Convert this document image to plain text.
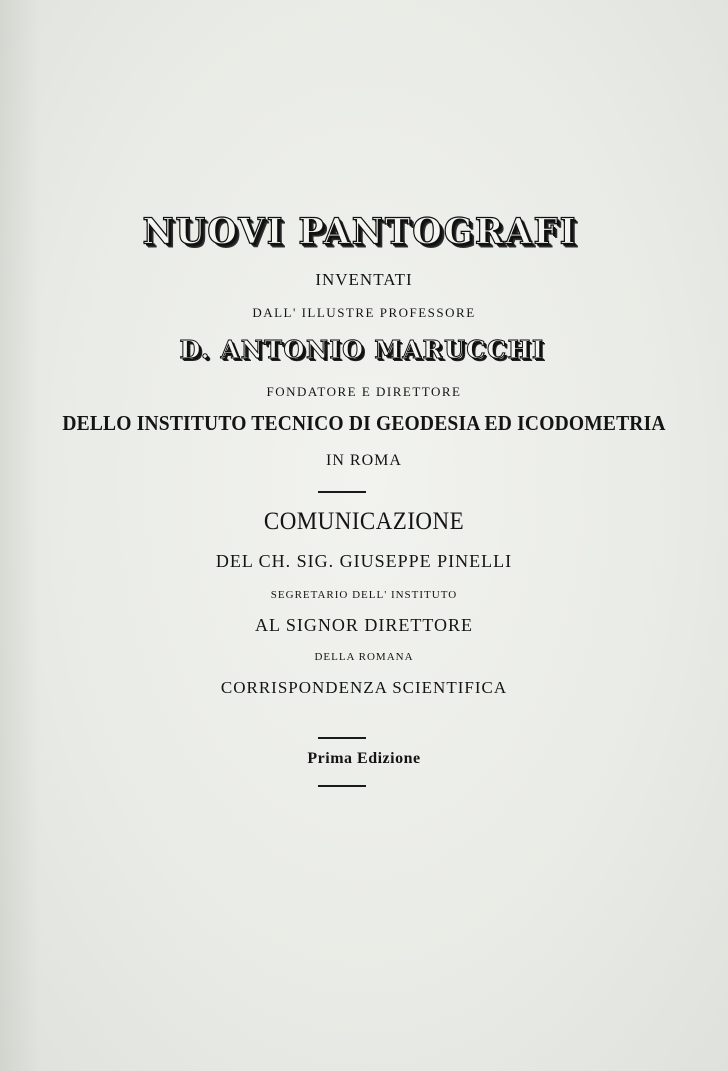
NUOVI PANTOGRAFI
INVENTATI
DALL' ILLUSTRE PROFESSORE
D. ANTONIO MARUCCHI
FONDATORE E DIRETTORE
DELLO INSTITUTO TECNICO DI GEODESIA ED ICODOMETRIA
IN ROMA
COMUNICAZIONE
DEL CH. SIG. GIUSEPPE PINELLI
SEGRETARIO DELL' INSTITUTO
AL SIGNOR DIRETTORE
DELLA ROMANA
CORRISPONDENZA SCIENTIFICA
Prima Edizione
